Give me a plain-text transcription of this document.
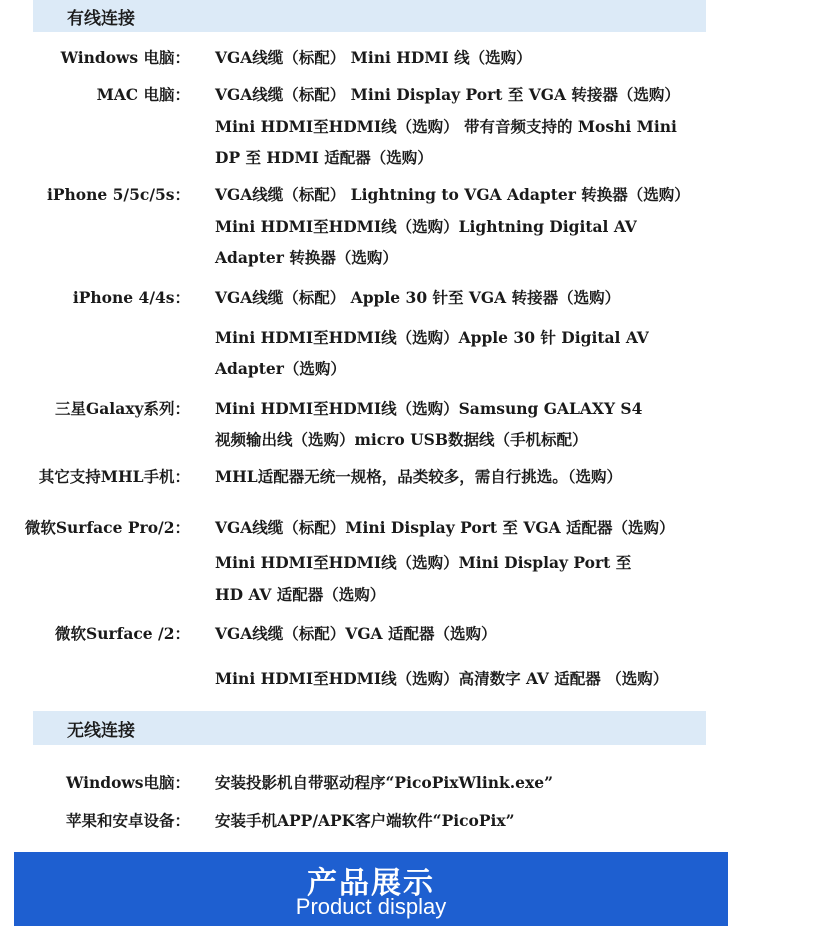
有线连接
Windows 电脑： VGA线缆（标配） Mini HDMI 线（选购）
MAC 电脑： VGA线缆（标配） Mini Display Port 至 VGA 转接器（选购）
Mini HDMI至HDMI线（选购） 带有音频支持的 Moshi Mini
DP 至 HDMI 适配器（选购）
iPhone 5/5c/5s： VGA线缆（标配） Lightning to VGA Adapter 转换器（选购）
Mini HDMI至HDMI线（选购）Lightning Digital AV
Adapter 转换器（选购）
iPhone 4/4s： VGA线缆（标配） Apple 30 针至 VGA 转接器（选购）
Mini HDMI至HDMI线（选购）Apple 30 针 Digital AV
Adapter（选购）
三星Galaxy系列： Mini HDMI至HDMI线（选购）Samsung GALAXY S4
视频输出线（选购）micro USB数据线（手机标配）
其它支持MHL手机： MHL适配器无统一规格，品类较多，需自行挑选。（选购）
微软Surface Pro/2： VGA线缆（标配）Mini Display Port 至 VGA 适配器（选购）
Mini HDMI至HDMI线（选购）Mini Display Port 至
HD AV 适配器（选购）
微软Surface /2： VGA线缆（标配）VGA 适配器（选购）
Mini HDMI至HDMI线（选购）高清数字 AV 适配器 （选购）
无线连接
Windows电脑： 安装投影机自带驱动程序“PicoPixWlink.exe”
苹果和安卓设备： 安装手机APP/APK客户端软件“PicoPix”
产品展示
Product display
